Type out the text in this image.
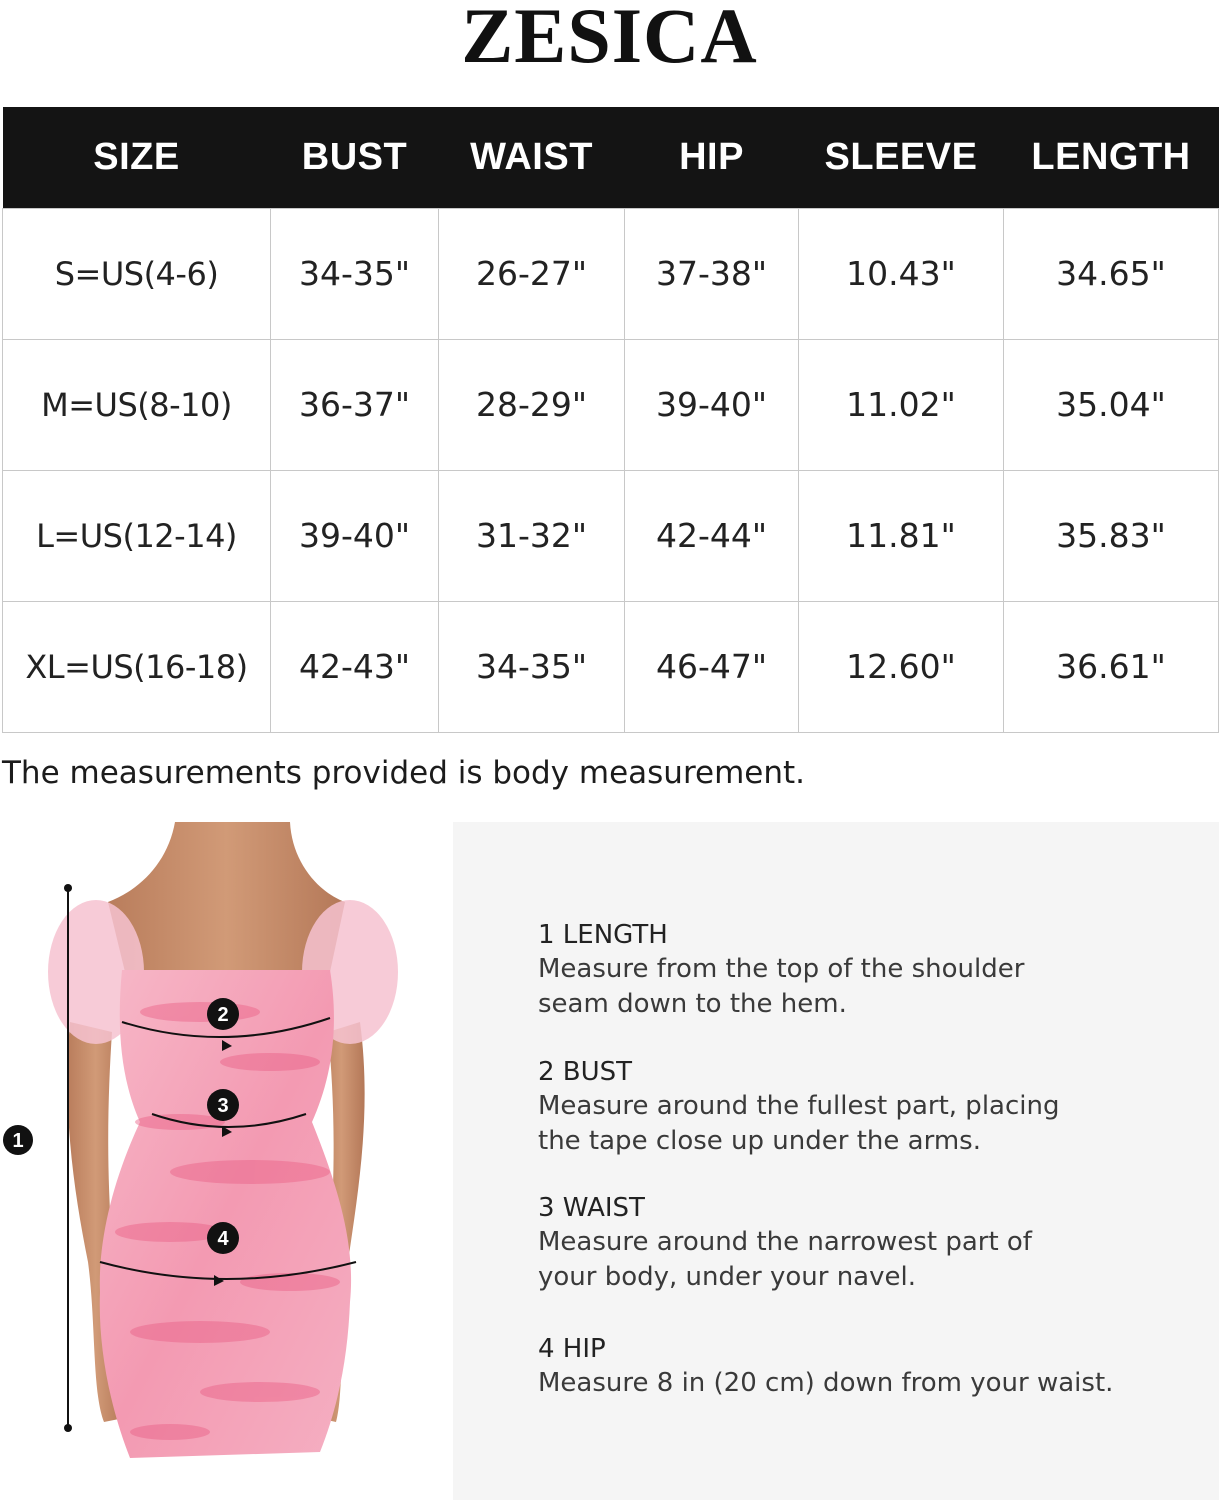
ZESICA
SIZE	BUST	WAIST	HIP	SLEEVE	LENGTH
S=US(4-6)	34-35"	26-27"	37-38"	10.43"	34.65"
M=US(8-10)	36-37"	28-29"	39-40"	11.02"	35.04"
L=US(12-14)	39-40"	31-32"	42-44"	11.81"	35.83"
XL=US(16-18)	42-43"	34-35"	46-47"	12.60"	36.61"
The measurements provided is body measurement.
1
2
3
4
1 LENGTH
Measure from the top of the shoulder
seam down to the hem.
2 BUST
Measure around the fullest part, placing
the tape close up under the arms.
3 WAIST
Measure around the narrowest part of
your body, under your navel.
4 HIP
Measure 8 in (20 cm) down from your waist.
